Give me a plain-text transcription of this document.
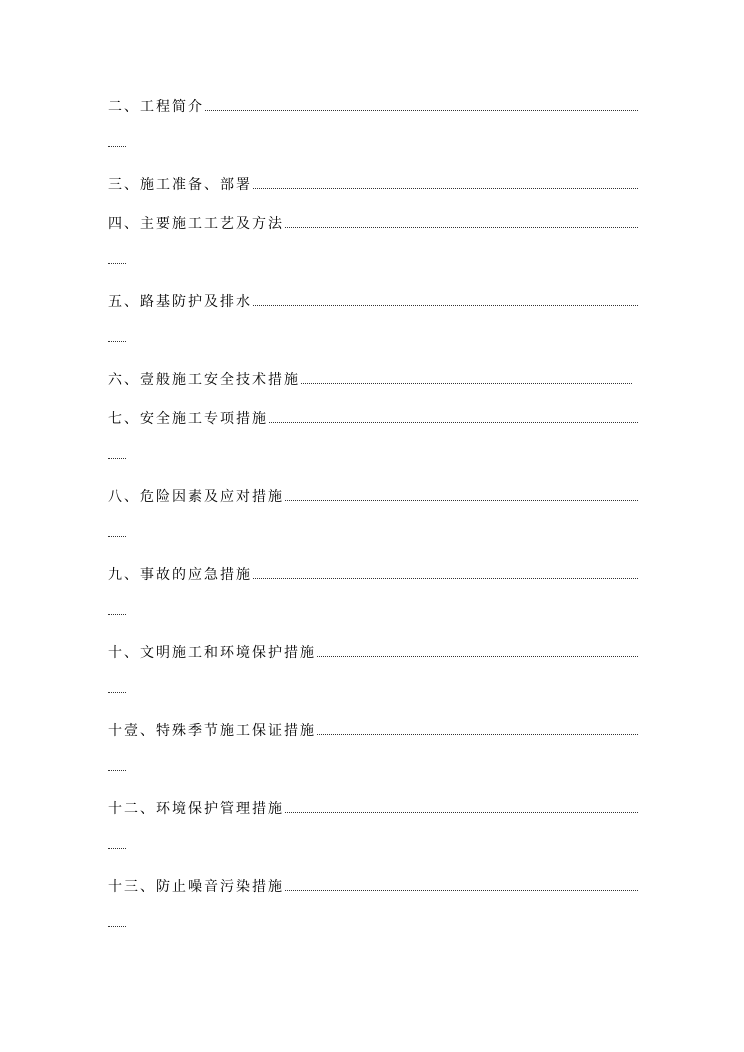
二、工程简介
三、施工准备、部署
四、主要施工工艺及方法
五、路基防护及排水
六、壹般施工安全技术措施
七、安全施工专项措施
八、危险因素及应对措施
九、事故的应急措施
十、文明施工和环境保护措施
十壹、特殊季节施工保证措施
十二、环境保护管理措施
十三、防止噪音污染措施
